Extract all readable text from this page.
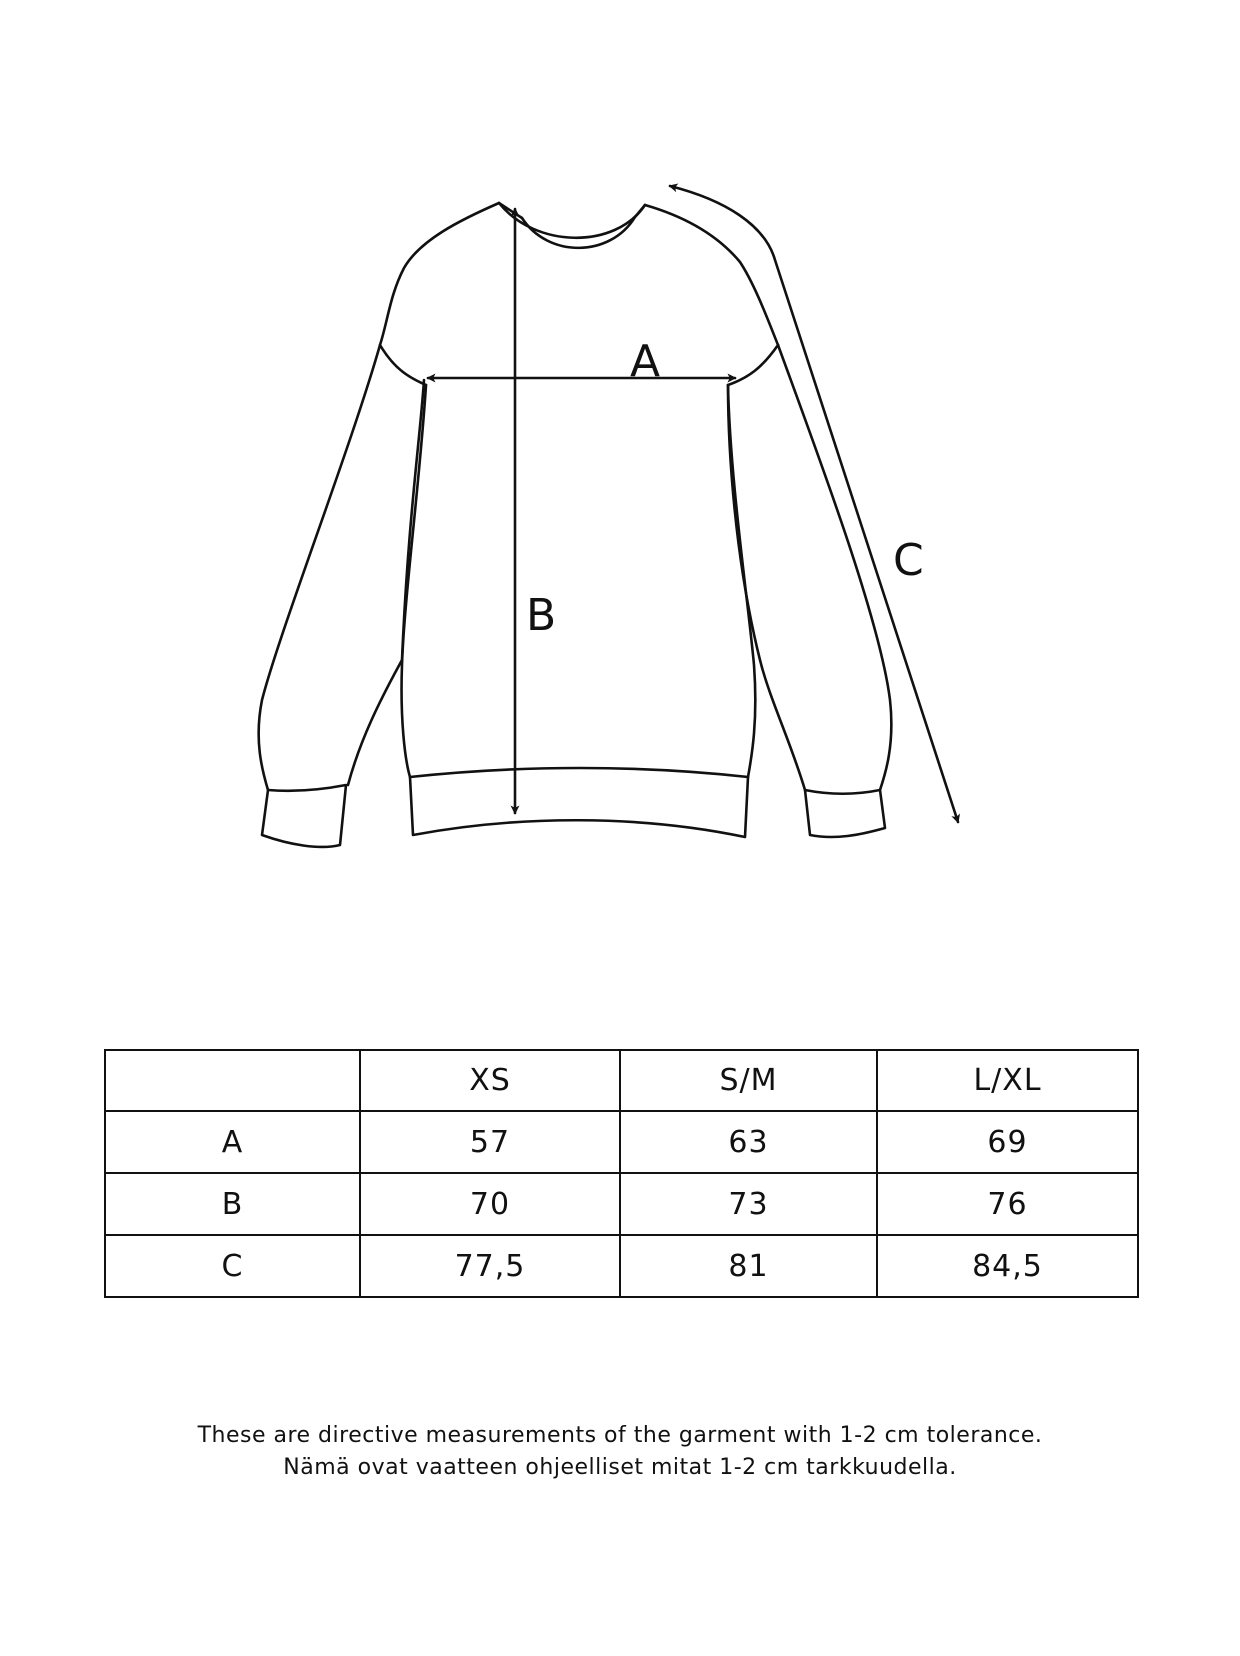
A
B
C
	XS	S/M	L/XL
A	57	63	69
B	70	73	76
C	77,5	81	84,5
These are directive measurements of the garment with 1-2 cm tolerance.
Nämä ovat vaatteen ohjeelliset mitat 1-2 cm tarkkuudella.
